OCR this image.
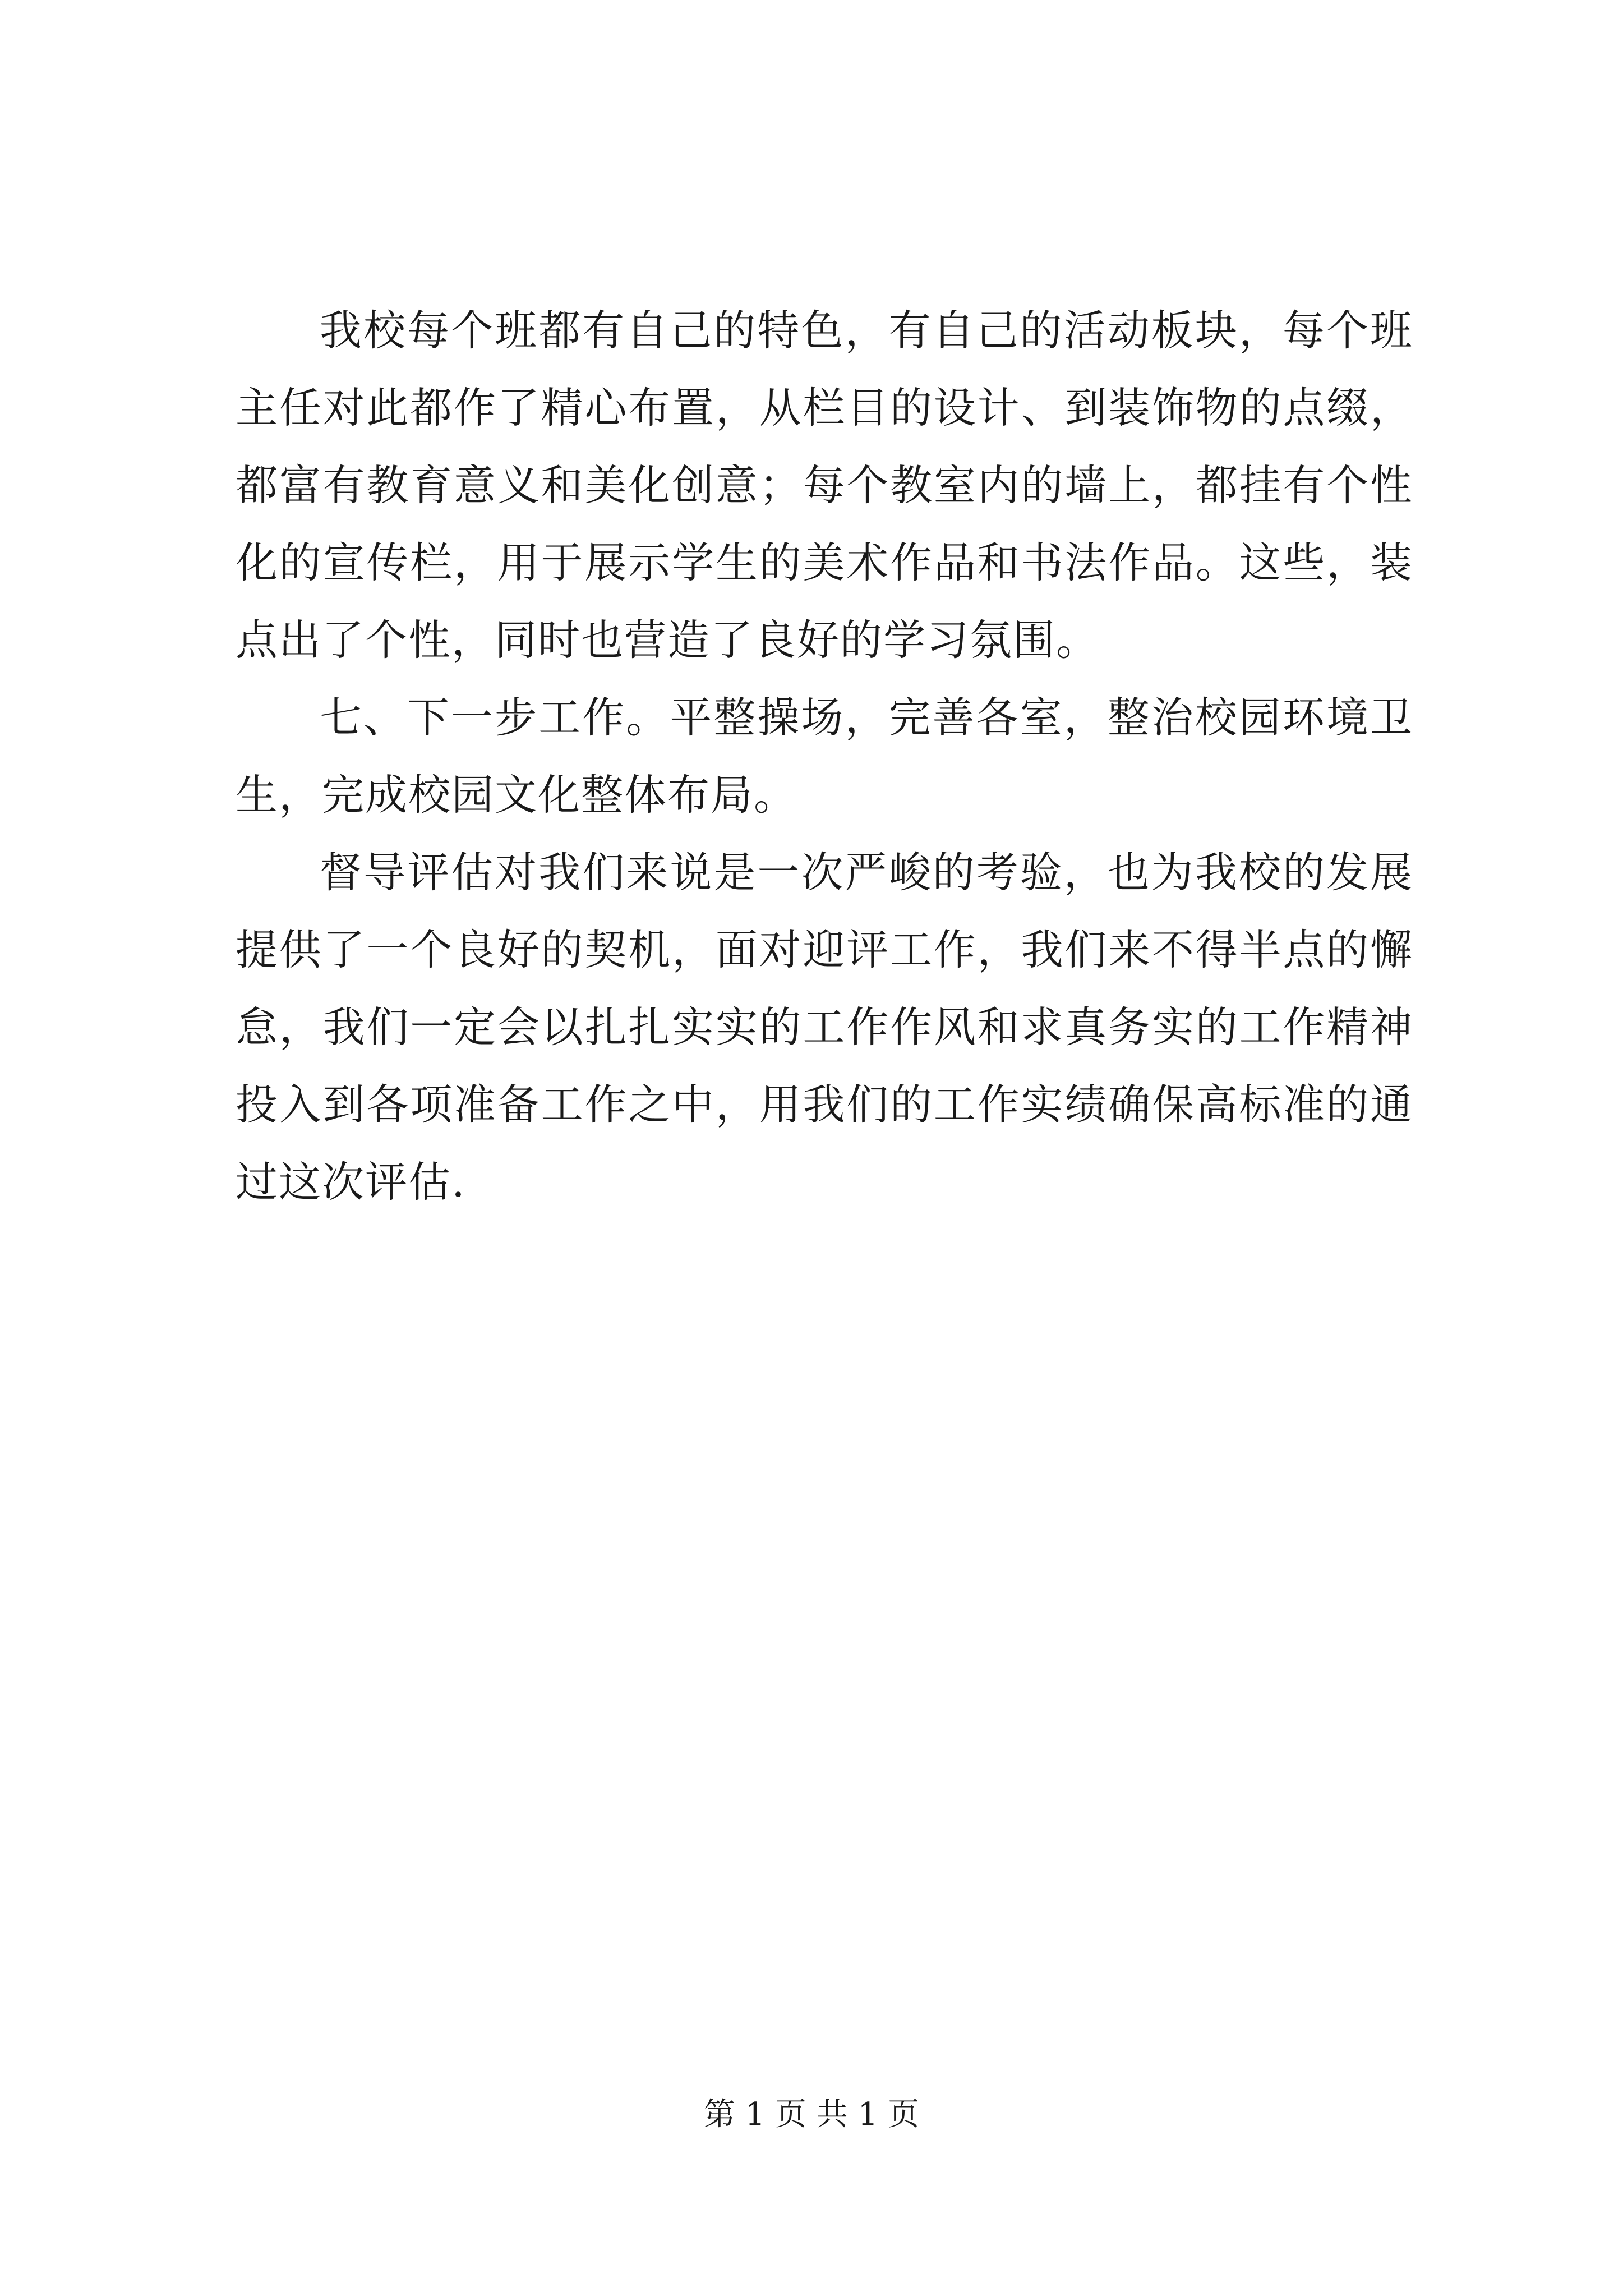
我校每个班都有自己的特色，有自己的活动板块，每个班主任对此都作了精心布置，从栏目的设计、到装饰物的点缀，都富有教育意义和美化创意；每个教室内的墙上，都挂有个性化的宣传栏，用于展示学生的美术作品和书法作品。这些，装点出了个性，同时也营造了良好的学习氛围。

七、下一步工作。平整操场，完善各室，整治校园环境卫生，完成校园文化整体布局。

督导评估对我们来说是一次严峻的考验，也为我校的发展提供了一个良好的契机，面对迎评工作，我们来不得半点的懈怠，我们一定会以扎扎实实的工作作风和求真务实的工作精神投入到各项准备工作之中，用我们的工作实绩确保高标准的通过这次评估.

第 1 页 共 1 页
